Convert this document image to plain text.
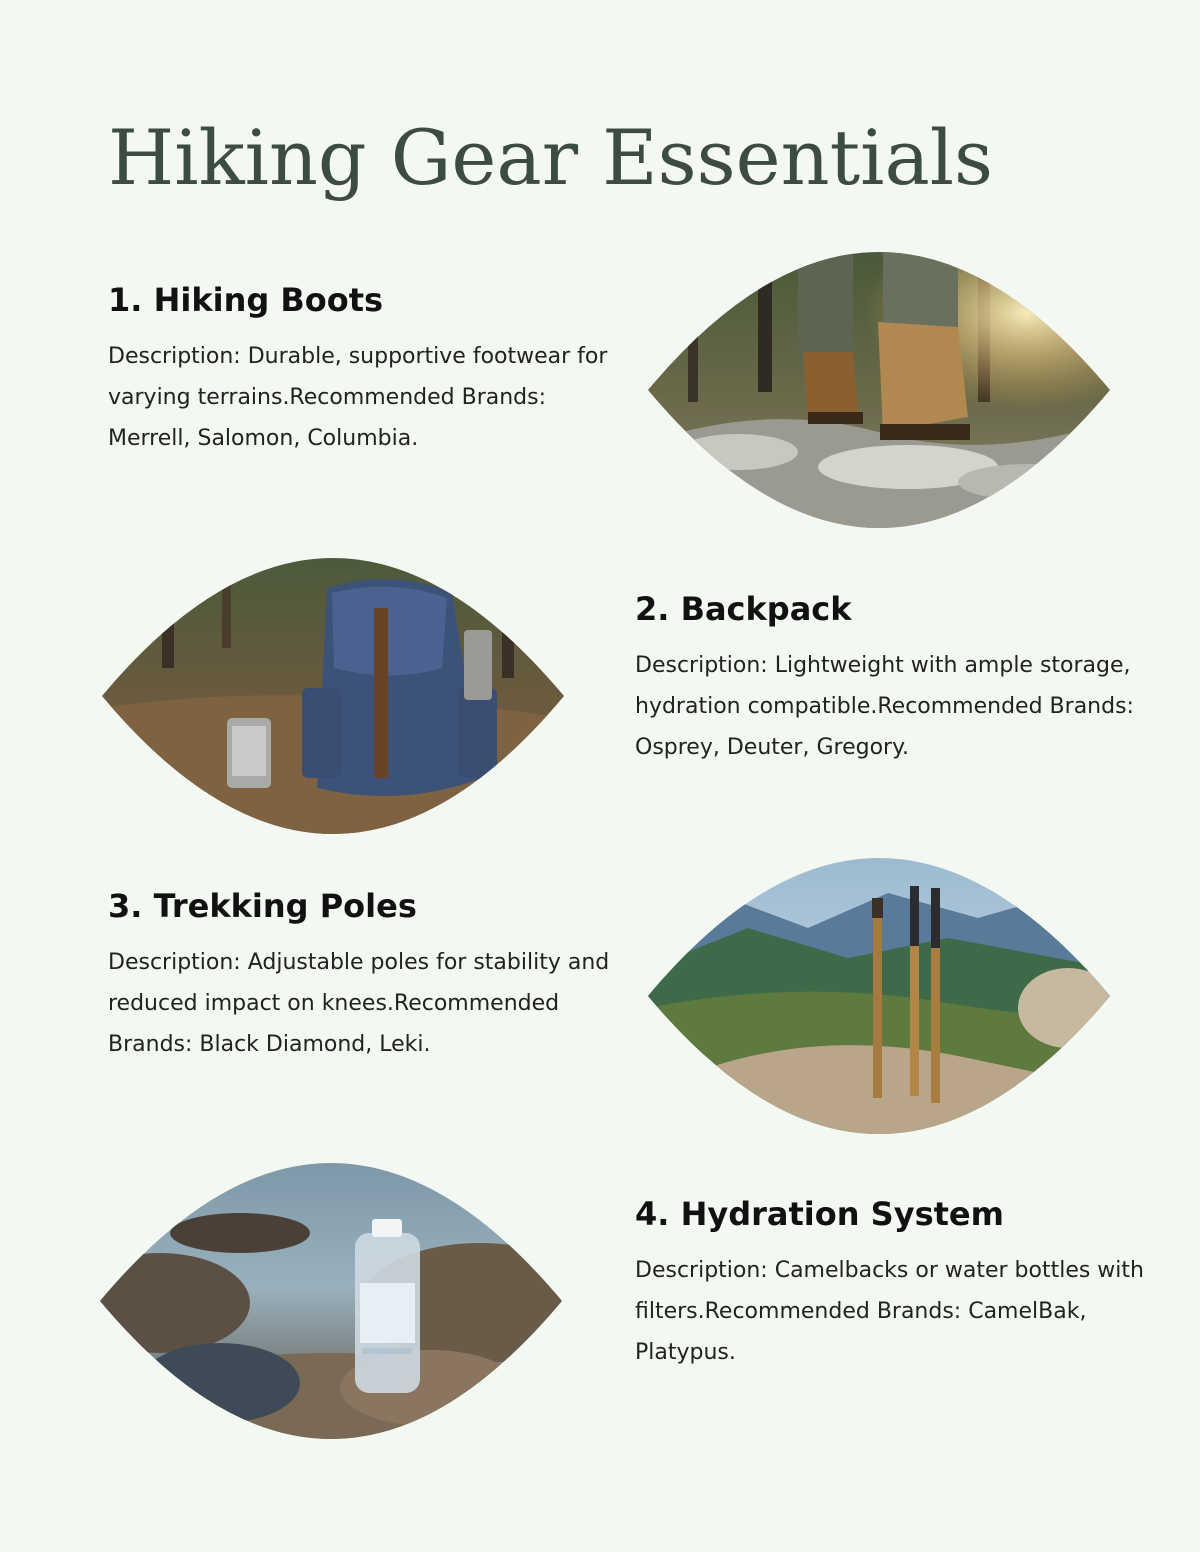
Hiking Gear Essentials
1. Hiking Boots

Description: Durable, supportive footwear for varying terrains.Recommended Brands: Merrell, Salomon, Columbia.

2. Backpack

Description: Lightweight with ample storage, hydration compatible.Recommended Brands: Osprey, Deuter, Gregory.

3. Trekking Poles

Description: Adjustable poles for stability and reduced impact on knees.Recommended Brands: Black Diamond, Leki.

4. Hydration System

Description: Camelbacks or water bottles with filters.Recommended Brands: CamelBak, Platypus.
